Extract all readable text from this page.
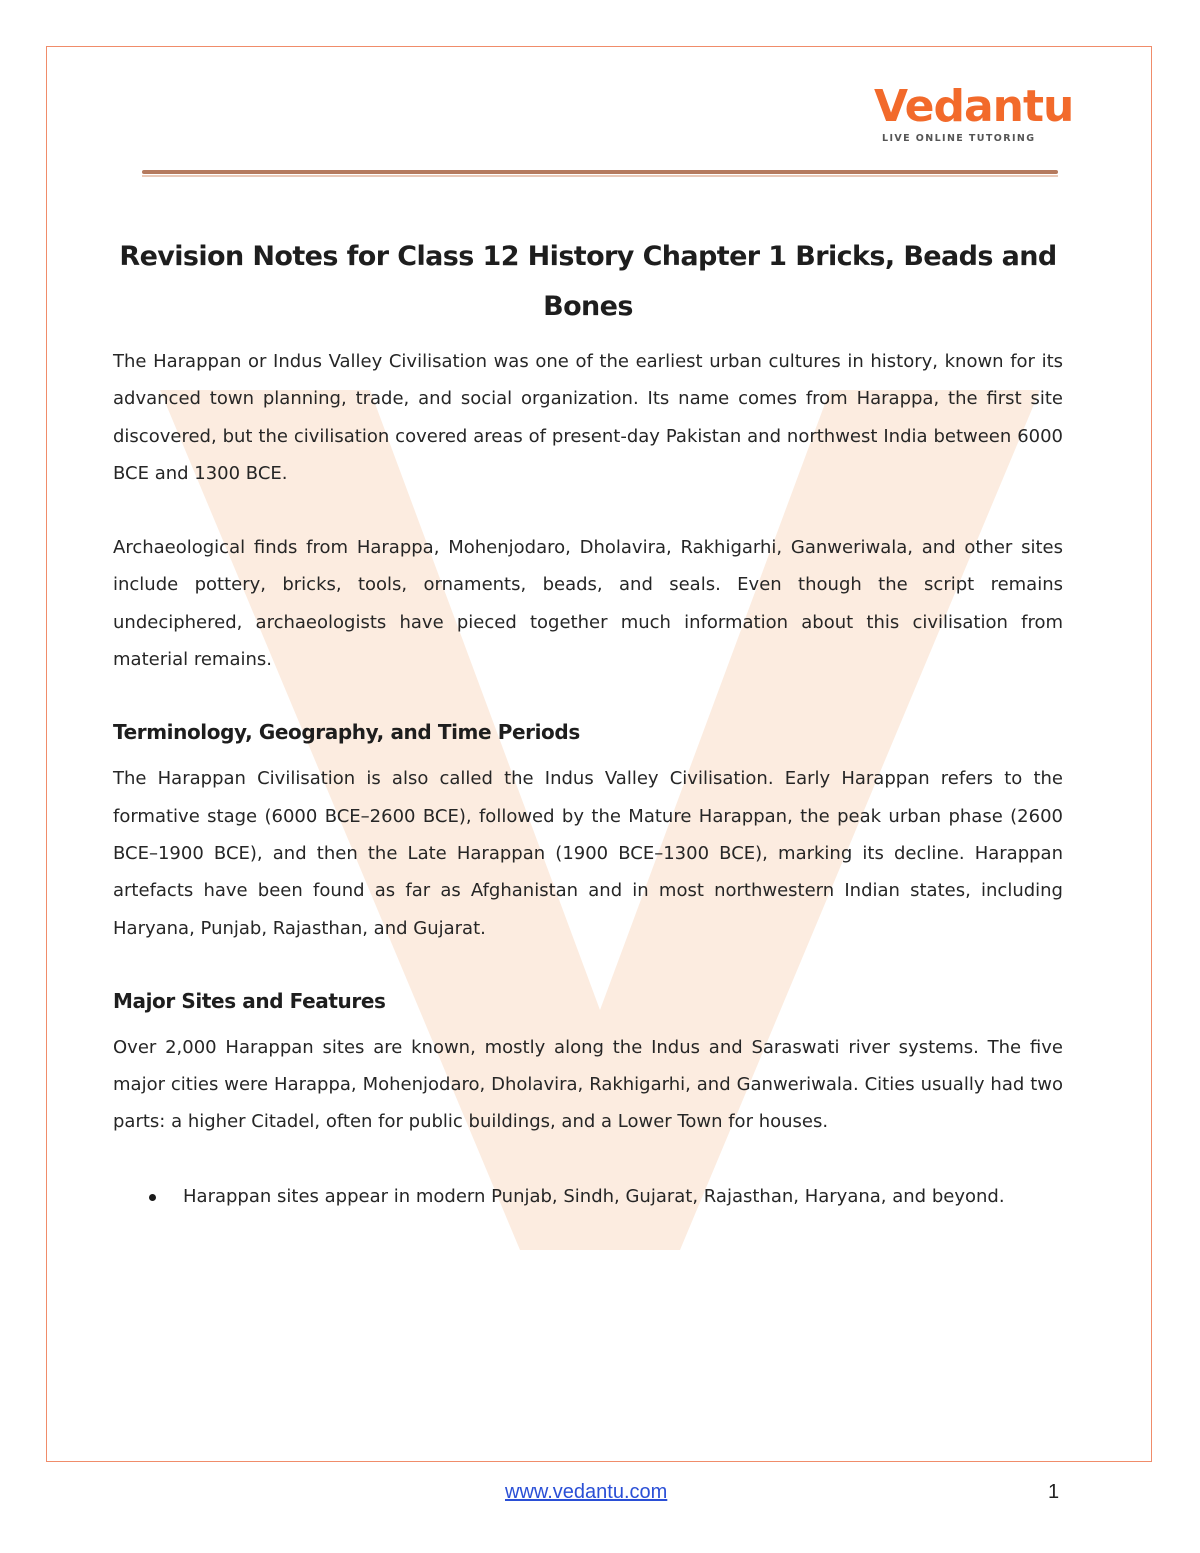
Vedantu
LIVE ONLINE TUTORING
Revision Notes for Class 12 History Chapter 1 Bricks, Beads and Bones

The Harappan or Indus Valley Civilisation was one of the earliest urban cultures in history, known for its advanced town planning, trade, and social organization. Its name comes from Harappa, the first site discovered, but the civilisation covered areas of present-day Pakistan and northwest India between 6000 BCE and 1300 BCE.

Archaeological finds from Harappa, Mohenjodaro, Dholavira, Rakhigarhi, Ganweriwala, and other sites include pottery, bricks, tools, ornaments, beads, and seals. Even though the script remains undeciphered, archaeologists have pieced together much information about this civilisation from material remains.

Terminology, Geography, and Time Periods

The Harappan Civilisation is also called the Indus Valley Civilisation. Early Harappan refers to the formative stage (6000 BCE–2600 BCE), followed by the Mature Harappan, the peak urban phase (2600 BCE–1900 BCE), and then the Late Harappan (1900 BCE–1300 BCE), marking its decline. Harappan artefacts have been found as far as Afghanistan and in most northwestern Indian states, including Haryana, Punjab, Rajasthan, and Gujarat.

Major Sites and Features

Over 2,000 Harappan sites are known, mostly along the Indus and Saraswati river systems. The five major cities were Harappa, Mohenjodaro, Dholavira, Rakhigarhi, and Ganweriwala. Cities usually had two parts: a higher Citadel, often for public buildings, and a Lower Town for houses.

Harappan sites appear in modern Punjab, Sindh, Gujarat, Rajasthan, Haryana, and beyond.
www.vedantu.com	1
